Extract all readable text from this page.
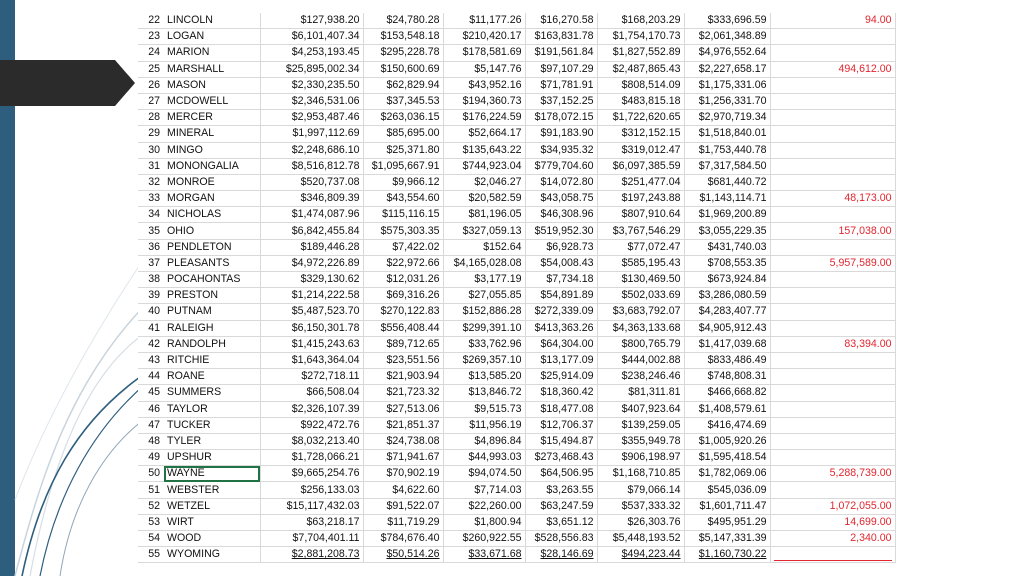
22	LINCOLN	$127,938.20	$24,780.28	$11,177.26	$16,270.58	$168,203.29	$333,696.59	94.00
23	LOGAN	$6,101,407.34	$153,548.18	$210,420.17	$163,831.78	$1,754,170.73	$2,061,348.89	
24	MARION	$4,253,193.45	$295,228.78	$178,581.69	$191,561.84	$1,827,552.89	$4,976,552.64	
25	MARSHALL	$25,895,002.34	$150,600.69	$5,147.76	$97,107.29	$2,487,865.43	$2,227,658.17	494,612.00
26	MASON	$2,330,235.50	$62,829.94	$43,952.16	$71,781.91	$808,514.09	$1,175,331.06	
27	MCDOWELL	$2,346,531.06	$37,345.53	$194,360.73	$37,152.25	$483,815.18	$1,256,331.70	
28	MERCER	$2,953,487.46	$263,036.15	$176,224.59	$178,072.15	$1,722,620.65	$2,970,719.34	
29	MINERAL	$1,997,112.69	$85,695.00	$52,664.17	$91,183.90	$312,152.15	$1,518,840.01	
30	MINGO	$2,248,686.10	$25,371.80	$135,643.22	$34,935.32	$319,012.47	$1,753,440.78	
31	MONONGALIA	$8,516,812.78	$1,095,667.91	$744,923.04	$779,704.60	$6,097,385.59	$7,317,584.50	
32	MONROE	$520,737.08	$9,966.12	$2,046.27	$14,072.80	$251,477.04	$681,440.72	
33	MORGAN	$346,809.39	$43,554.60	$20,582.59	$43,058.75	$197,243.88	$1,143,114.71	48,173.00
34	NICHOLAS	$1,474,087.96	$115,116.15	$81,196.05	$46,308.96	$807,910.64	$1,969,200.89	
35	OHIO	$6,842,455.84	$575,303.35	$327,059.13	$519,952.30	$3,767,546.29	$3,055,229.35	157,038.00
36	PENDLETON	$189,446.28	$7,422.02	$152.64	$6,928.73	$77,072.47	$431,740.03	
37	PLEASANTS	$4,972,226.89	$22,972.66	$4,165,028.08	$54,008.43	$585,195.43	$708,553.35	5,957,589.00
38	POCAHONTAS	$329,130.62	$12,031.26	$3,177.19	$7,734.18	$130,469.50	$673,924.84	
39	PRESTON	$1,214,222.58	$69,316.26	$27,055.85	$54,891.89	$502,033.69	$3,286,080.59	
40	PUTNAM	$5,487,523.70	$270,122.83	$152,886.28	$272,339.09	$3,683,792.07	$4,283,407.77	
41	RALEIGH	$6,150,301.78	$556,408.44	$299,391.10	$413,363.26	$4,363,133.68	$4,905,912.43	
42	RANDOLPH	$1,415,243.63	$89,712.65	$33,762.96	$64,304.00	$800,765.79	$1,417,039.68	83,394.00
43	RITCHIE	$1,643,364.04	$23,551.56	$269,357.10	$13,177.09	$444,002.88	$833,486.49	
44	ROANE	$272,718.11	$21,903.94	$13,585.20	$25,914.09	$238,246.46	$748,808.31	
45	SUMMERS	$66,508.04	$21,723.32	$13,846.72	$18,360.42	$81,311.81	$466,668.82	
46	TAYLOR	$2,326,107.39	$27,513.06	$9,515.73	$18,477.08	$407,923.64	$1,408,579.61	
47	TUCKER	$922,472.76	$21,851.37	$11,956.19	$12,706.37	$139,259.05	$416,474.69	
48	TYLER	$8,032,213.40	$24,738.08	$4,896.84	$15,494.87	$355,949.78	$1,005,920.26	
49	UPSHUR	$1,728,066.21	$71,941.67	$44,993.03	$273,468.43	$906,198.97	$1,595,418.54	
50	WAYNE	$9,665,254.76	$70,902.19	$94,074.50	$64,506.95	$1,168,710.85	$1,782,069.06	5,288,739.00
51	WEBSTER	$256,133.03	$4,622.60	$7,714.03	$3,263.55	$79,066.14	$545,036.09	
52	WETZEL	$15,117,432.03	$91,522.07	$22,260.00	$63,247.59	$537,333.32	$1,601,711.47	1,072,055.00
53	WIRT	$63,218.17	$11,719.29	$1,800.94	$3,651.12	$26,303.76	$495,951.29	14,699.00
54	WOOD	$7,704,401.11	$784,676.40	$260,922.55	$528,556.83	$5,448,193.52	$5,147,331.39	2,340.00
55	WYOMING	$2,881,208.73	$50,514.26	$33,671.68	$28,146.69	$494,223.44	$1,160,730.22	
